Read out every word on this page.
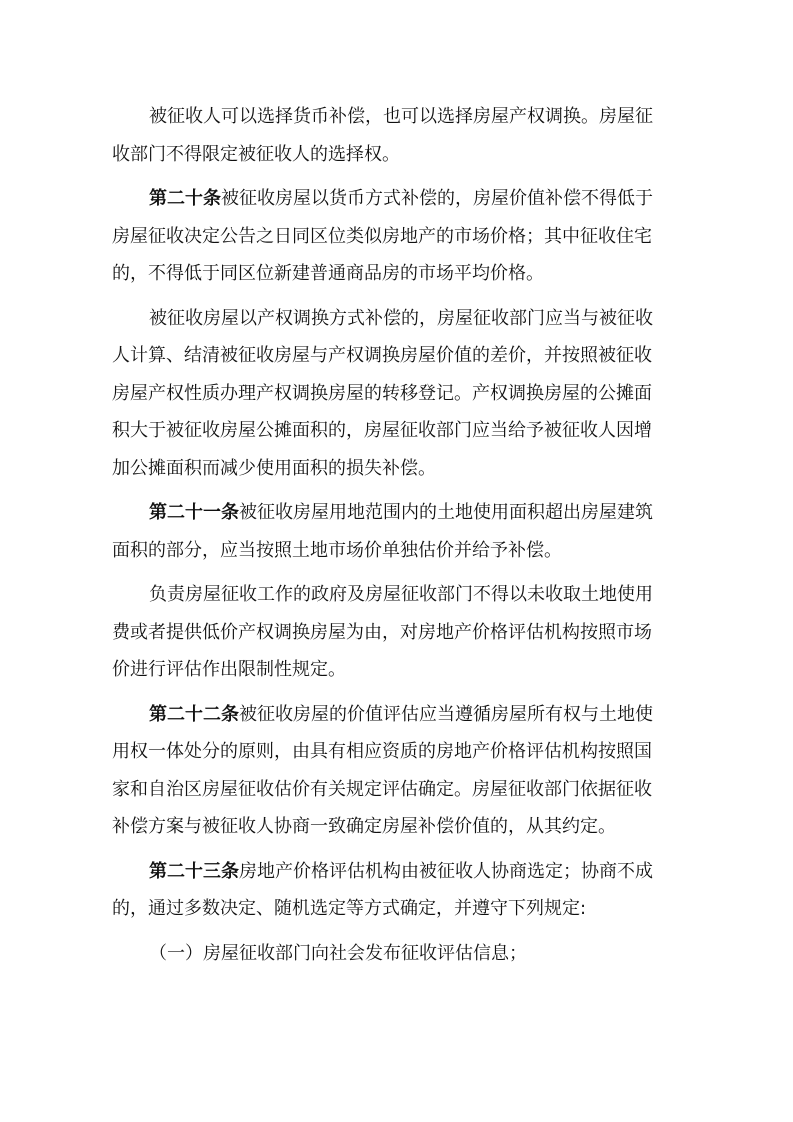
被征收人可以选择货币补偿，也可以选择房屋产权调换。房屋征
收部门不得限定被征收人的选择权。
第二十条被征收房屋以货币方式补偿的，房屋价值补偿不得低于
房屋征收决定公告之日同区位类似房地产的市场价格；其中征收住宅
的，不得低于同区位新建普通商品房的市场平均价格。
被征收房屋以产权调换方式补偿的，房屋征收部门应当与被征收
人计算、结清被征收房屋与产权调换房屋价值的差价，并按照被征收
房屋产权性质办理产权调换房屋的转移登记。产权调换房屋的公摊面
积大于被征收房屋公摊面积的，房屋征收部门应当给予被征收人因增
加公摊面积而减少使用面积的损失补偿。
第二十一条被征收房屋用地范围内的土地使用面积超出房屋建筑
面积的部分，应当按照土地市场价单独估价并给予补偿。
负责房屋征收工作的政府及房屋征收部门不得以未收取土地使用
费或者提供低价产权调换房屋为由，对房地产价格评估机构按照市场
价进行评估作出限制性规定。
第二十二条被征收房屋的价值评估应当遵循房屋所有权与土地使
用权一体处分的原则，由具有相应资质的房地产价格评估机构按照国
家和自治区房屋征收估价有关规定评估确定。房屋征收部门依据征收
补偿方案与被征收人协商一致确定房屋补偿价值的，从其约定。
第二十三条房地产价格评估机构由被征收人协商选定；协商不成
的，通过多数决定、随机选定等方式确定，并遵守下列规定:
（一）房屋征收部门向社会发布征收评估信息；
